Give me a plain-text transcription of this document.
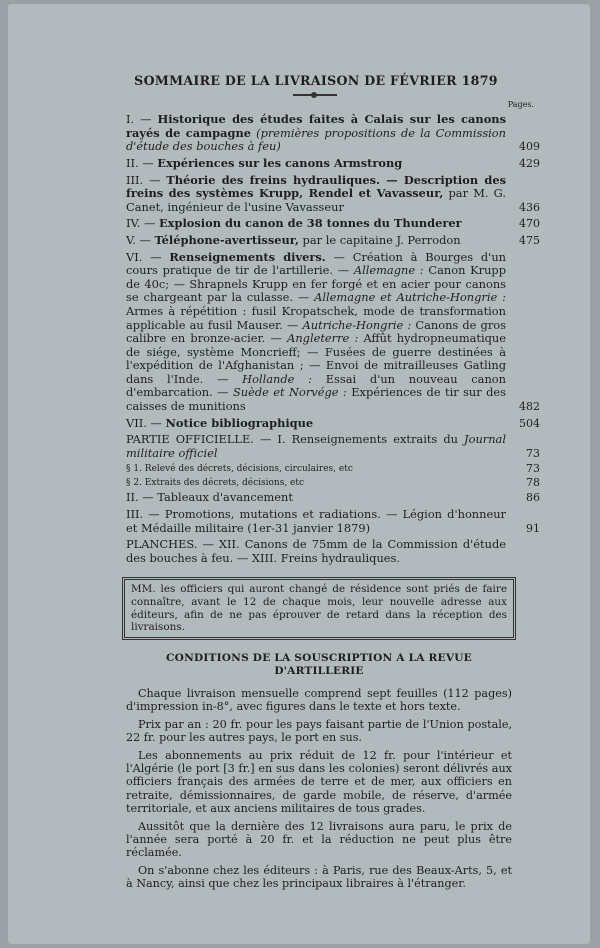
SOMMAIRE DE LA LIVRAISON DE FÉVRIER 1879
Pages.
I. — Historique des études faites à Calais sur les canons rayés de campagne (premières propositions de la Commission d'étude des bouches à feu)	409
II. — Expériences sur les canons Armstrong	429
III. — Théorie des freins hydrauliques. — Description des freins des systèmes Krupp, Rendel et Vavasseur, par M. G. Canet, ingénieur de l'usine Vavasseur	436
IV. — Explosion du canon de 38 tonnes du Thunderer	470
V. — Téléphone-avertisseur, par le capitaine J. Perrodon	475
VI. — Renseignements divers. — Création à Bourges d'un cours pratique de tir de l'artillerie. — Allemagne : Canon Krupp de 40c; — Shrapnels Krupp en fer forgé et en acier pour canons se chargeant par la culasse. — Allemagne et Autriche-Hongrie : Armes à répétition : fusil Kropatschek, mode de transformation applicable au fusil Mauser. — Autriche-Hongrie : Canons de gros calibre en bronze-acier. — Angleterre : Affût hydropneumatique de siége, système Moncrieff; — Fusées de guerre destinées à l'expédition de l'Afghanistan ; — Envoi de mitrailleuses Gatling dans l'Inde. — Hollande : Essai d'un nouveau canon d'embarcation. — Suède et Norvége : Expériences de tir sur des caisses de munitions	482
VII. — Notice bibliographique	504
PARTIE OFFICIELLE. — I. Renseignements extraits du Journal militaire officiel	73
§ 1. Relevé des décrets, décisions, circulaires, etc	73
§ 2. Extraits des décrets, décisions, etc	78
II. — Tableaux d'avancement	86
III. — Promotions, mutations et radiations. — Légion d'honneur et Médaille militaire (1er-31 janvier 1879)	91
PLANCHES. — XII. Canons de 75mm de la Commission d'étude des bouches à feu. — XIII. Freins hydrauliques.
MM. les officiers qui auront changé de résidence sont priés de faire connaître, avant le 12 de chaque mois, leur nouvelle adresse aux éditeurs, afin de ne pas éprouver de retard dans la réception des livraisons.
CONDITIONS DE LA SOUSCRIPTION A LA REVUE D'ARTILLERIE
Chaque livraison mensuelle comprend sept feuilles (112 pages) d'impression in-8°, avec figures dans le texte et hors texte.
Prix par an : 20 fr. pour les pays faisant partie de l'Union postale, 22 fr. pour les autres pays, le port en sus.
Les abonnements au prix réduit de 12 fr. pour l'intérieur et l'Algérie (le port [3 fr.] en sus dans les colonies) seront délivrés aux officiers français des armées de terre et de mer, aux officiers en retraite, démissionnaires, de garde mobile, de réserve, d'armée territoriale, et aux anciens militaires de tous grades.
Aussitôt que la dernière des 12 livraisons aura paru, le prix de l'année sera porté à 20 fr. et la réduction ne peut plus être réclamée.
On s'abonne chez les éditeurs : à Paris, rue des Beaux-Arts, 5, et à Nancy, ainsi que chez les principaux libraires à l'étranger.
